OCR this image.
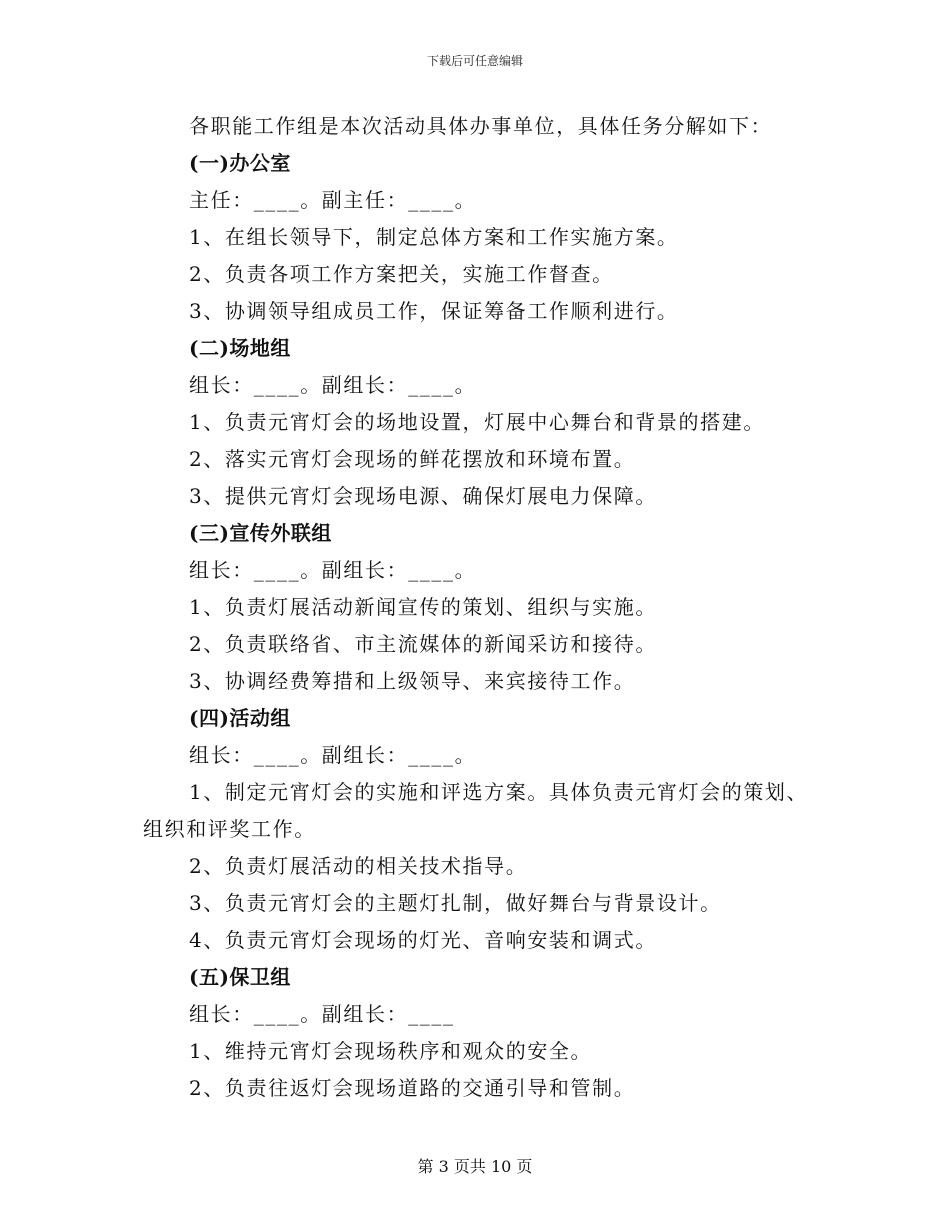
下载后可任意编辑
各职能工作组是本次活动具体办事单位，具体任务分解如下：
(一)办公室
主任：____。副主任：____。
1、在组长领导下，制定总体方案和工作实施方案。
2、负责各项工作方案把关，实施工作督查。
3、协调领导组成员工作，保证筹备工作顺利进行。
(二)场地组
组长：____。副组长：____。
1、负责元宵灯会的场地设置，灯展中心舞台和背景的搭建。
2、落实元宵灯会现场的鲜花摆放和环境布置。
3、提供元宵灯会现场电源、确保灯展电力保障。
(三)宣传外联组
组长：____。副组长：____。
1、负责灯展活动新闻宣传的策划、组织与实施。
2、负责联络省、市主流媒体的新闻采访和接待。
3、协调经费筹措和上级领导、来宾接待工作。
(四)活动组
组长：____。副组长：____。
1、制定元宵灯会的实施和评选方案。具体负责元宵灯会的策划、组织和评奖工作。
2、负责灯展活动的相关技术指导。
3、负责元宵灯会的主题灯扎制，做好舞台与背景设计。
4、负责元宵灯会现场的灯光、音响安装和调式。
(五)保卫组
组长：____。副组长：____
1、维持元宵灯会现场秩序和观众的安全。
2、负责往返灯会现场道路的交通引导和管制。
第 3 页共 10 页
